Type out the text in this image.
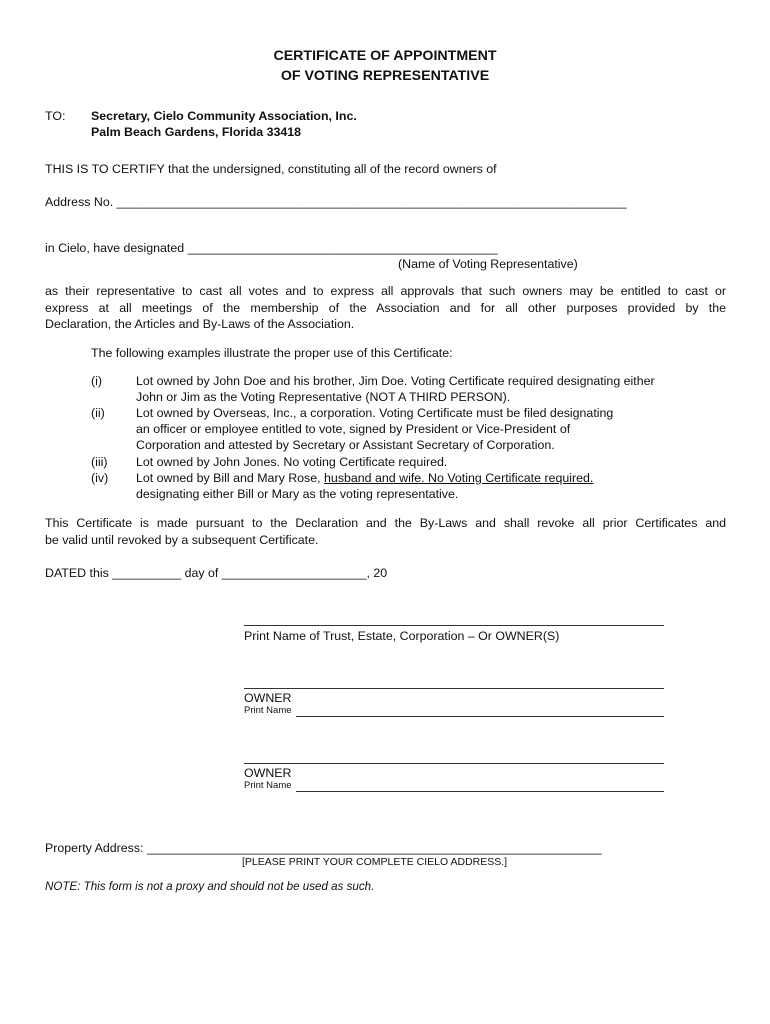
CERTIFICATE OF APPOINTMENT
OF VOTING REPRESENTATIVE
TO: Secretary, Cielo Community Association, Inc.
Palm Beach Gardens, Florida 33418
THIS IS TO CERTIFY that the undersigned, constituting all of the record owners of
Address No. __________________________________________________________________________
in Cielo, have designated _____________________________________________
(Name of Voting Representative)
as their representative to cast all votes and to express all approvals that such owners may be entitled to cast or
express at all meetings of the membership of the Association and for all other purposes provided by the
Declaration, the Articles and By-Laws of the Association.
The following examples illustrate the proper use of this Certificate:
(i)	Lot owned by John Doe and his brother, Jim Doe. Voting Certificate required designating either
John or Jim as the Voting Representative (NOT A THIRD PERSON).
(ii)	Lot owned by Overseas, Inc., a corporation. Voting Certificate must be filed designating
an officer or employee entitled to vote, signed by President or Vice-President of
Corporation and attested by Secretary or Assistant Secretary of Corporation.
(iii) Lot owned by John Jones. No voting Certificate required.
(iv) Lot owned by Bill and Mary Rose, husband and wife. No Voting Certificate required.
designating either Bill or Mary as the voting representative.
This Certificate is made pursuant to the Declaration and the By-Laws and shall revoke all prior Certificates and
be valid until revoked by a subsequent Certificate.
DATED this __________ day of _____________________, 20
Print Name of Trust, Estate, Corporation – Or OWNER(S)
OWNER
Print Name
OWNER
Print Name
Property Address: __________________________________________________________________
[PLEASE PRINT YOUR COMPLETE CIELO ADDRESS.]
NOTE: This form is not a proxy and should not be used as such.
